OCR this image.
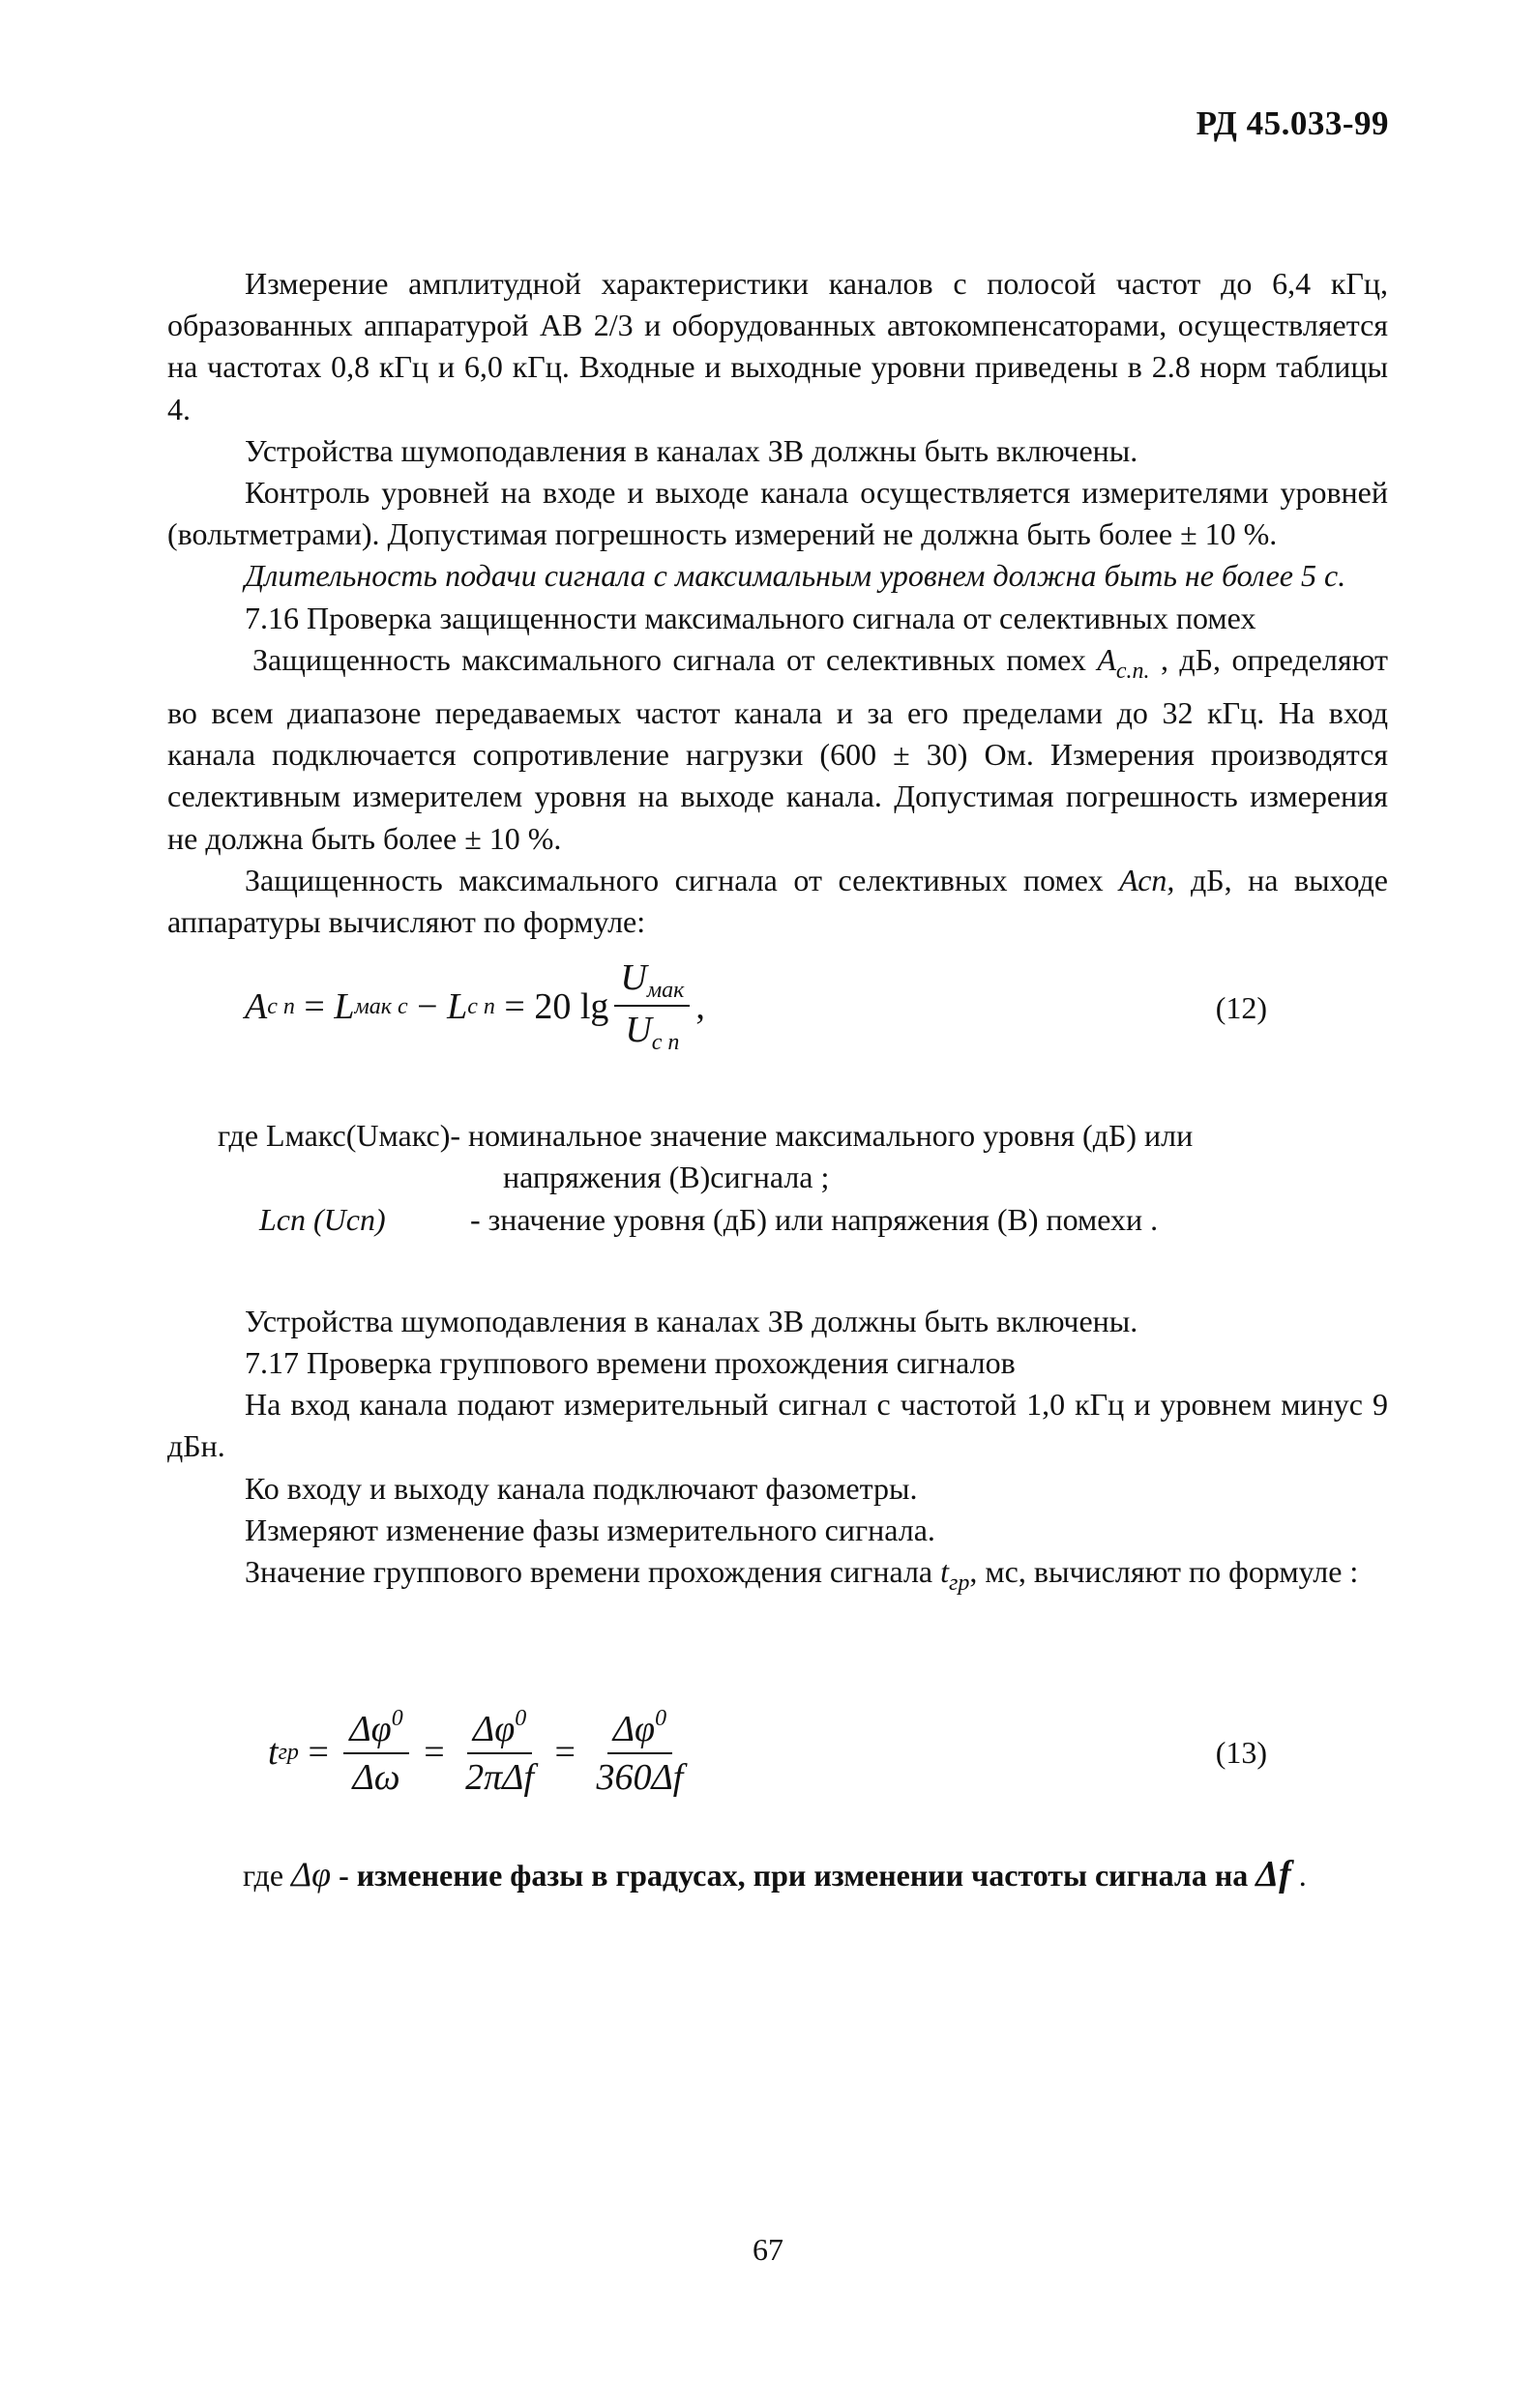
РД 45.033-99

Измерение амплитудной характеристики каналов с полосой частот до 6,4 кГц, образованных аппаратурой АВ 2/3 и оборудованных автокомпенсаторами, осуществляется на частотах 0,8 кГц и 6,0 кГц. Входные и выходные уровни приведены в 2.8 норм таблицы 4.

Устройства шумоподавления в каналах ЗВ должны быть включены.

Контроль уровней на входе и выходе канала осуществляется измерителями уровней (вольтметрами). Допустимая погрешность измерений не должна быть более ± 10 %.

Длительность подачи сигнала с максимальным уровнем должна быть не более 5 с.

7.16 Проверка защищенности максимального сигнала от селективных помех

Защищенность максимального сигнала от селективных помех $А_{с.п.}$ , дБ, определяют во всем диапазоне передаваемых частот канала и за его пределами до 32 кГц. На вход канала подключается сопротивление нагрузки (600 ± 30) Ом. Измерения производятся селективным измерителем уровня на выходе канала. Допустимая погрешность измерения не должна быть более ± 10 %.

Защищенность максимального сигнала от селективных помех Асп, дБ, на выходе аппаратуры вычисляют по формуле:

A с п = L мак с − L с п = 20 $\lg \frac{U_{мак}}{U_{с п}}$ ,	(12)
где Lмакс(Uмакс)- номинальное значение максимального уровня (дБ) или
напряжения (В)сигнала ;
Lсп (Uсп)	- значение уровня (дБ) или напряжения (В) помехи .

Устройства шумоподавления в каналах ЗВ должны быть включены.

7.17 Проверка группового времени прохождения сигналов

На вход канала подают измерительный сигнал с частотой 1,0 кГц и уровнем минус 9 дБн.

Ко входу и выходу канала подключают фазометры.

Измеряют изменение фазы измерительного сигнала.

Значение группового времени прохождения сигнала $t_{гр}$, мс, вычисляют по формуле :

t гр = $\frac{\Delta\varphi^0}{\Delta\omega} = \frac{\Delta\varphi^0}{\text{2πΔf}} = \frac{\Delta\varphi^0}{360\Delta f}$	(13)
где Δφ - изменение фазы в градусах, при изменении частоты сигнала на Δf .
67
